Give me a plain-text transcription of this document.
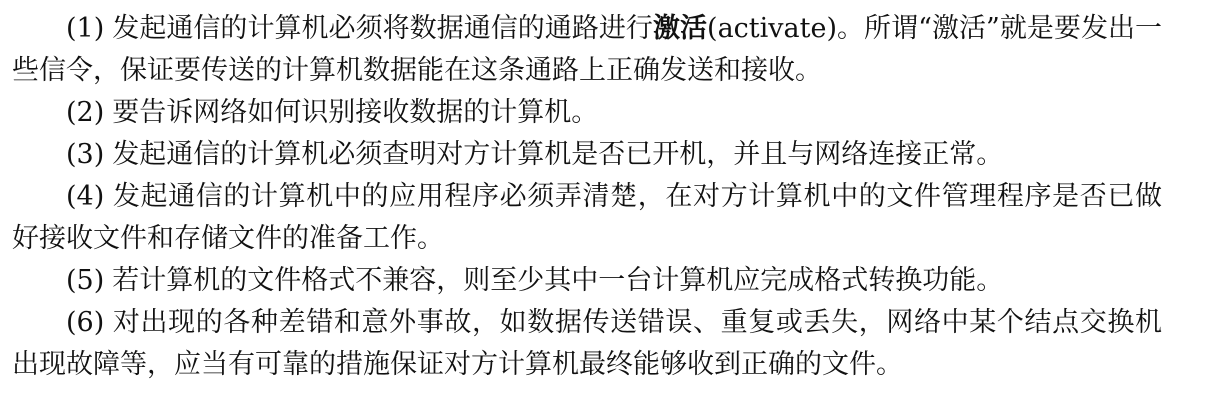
(1) 发起通信的计算机必须将数据通信的通路进行激活(activate)。所谓“激活”就是要发出一些信令，保证要传送的计算机数据能在这条通路上正确发送和接收。

(2) 要告诉网络如何识别接收数据的计算机。

(3) 发起通信的计算机必须查明对方计算机是否已开机，并且与网络连接正常。

(4) 发起通信的计算机中的应用程序必须弄清楚，在对方计算机中的文件管理程序是否已做好接收文件和存储文件的准备工作。

(5) 若计算机的文件格式不兼容，则至少其中一台计算机应完成格式转换功能。

(6) 对出现的各种差错和意外事故，如数据传送错误、重复或丢失，网络中某个结点交换机出现故障等，应当有可靠的措施保证对方计算机最终能够收到正确的文件。
